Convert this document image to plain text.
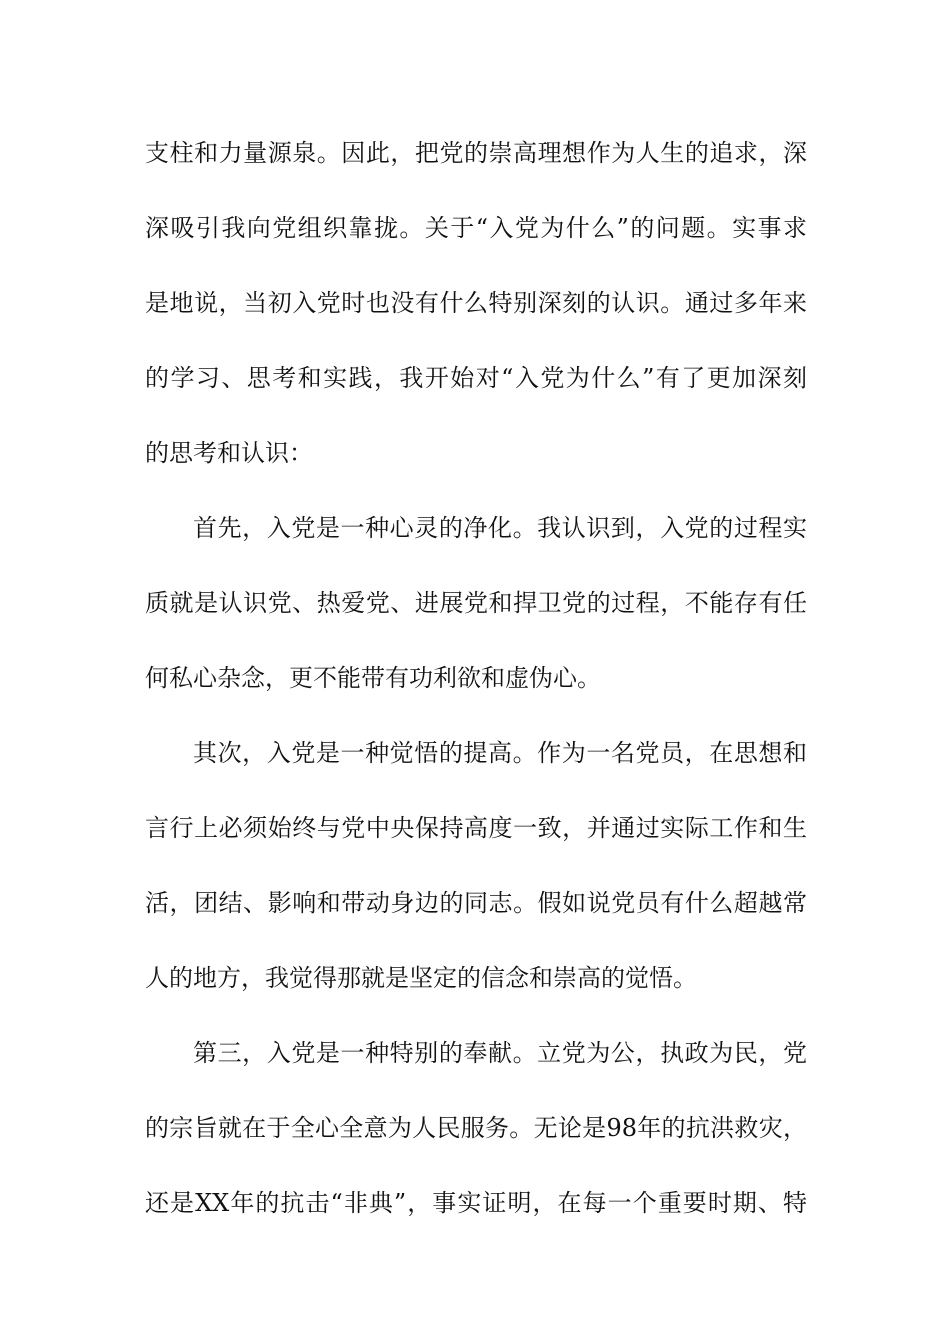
支柱和力量源泉。因此，把党的崇高理想作为人生的追求，深
深吸引我向党组织靠拢。关于“入党为什么”的问题。实事求
是地说，当初入党时也没有什么特别深刻的认识。通过多年来
的学习、思考和实践，我开始对“入党为什么”有了更加深刻
的思考和认识：
首先，入党是一种心灵的净化。我认识到，入党的过程实
质就是认识党、热爱党、进展党和捍卫党的过程，不能存有任
何私心杂念，更不能带有功利欲和虚伪心。
其次，入党是一种觉悟的提高。作为一名党员，在思想和
言行上必须始终与党中央保持高度一致，并通过实际工作和生
活，团结、影响和带动身边的同志。假如说党员有什么超越常
人的地方，我觉得那就是坚定的信念和崇高的觉悟。
第三，入党是一种特别的奉献。立党为公，执政为民，党
的宗旨就在于全心全意为人民服务。无论是98年的抗洪救灾，
还是XX年的抗击“非典”，事实证明，在每一个重要时期、特
